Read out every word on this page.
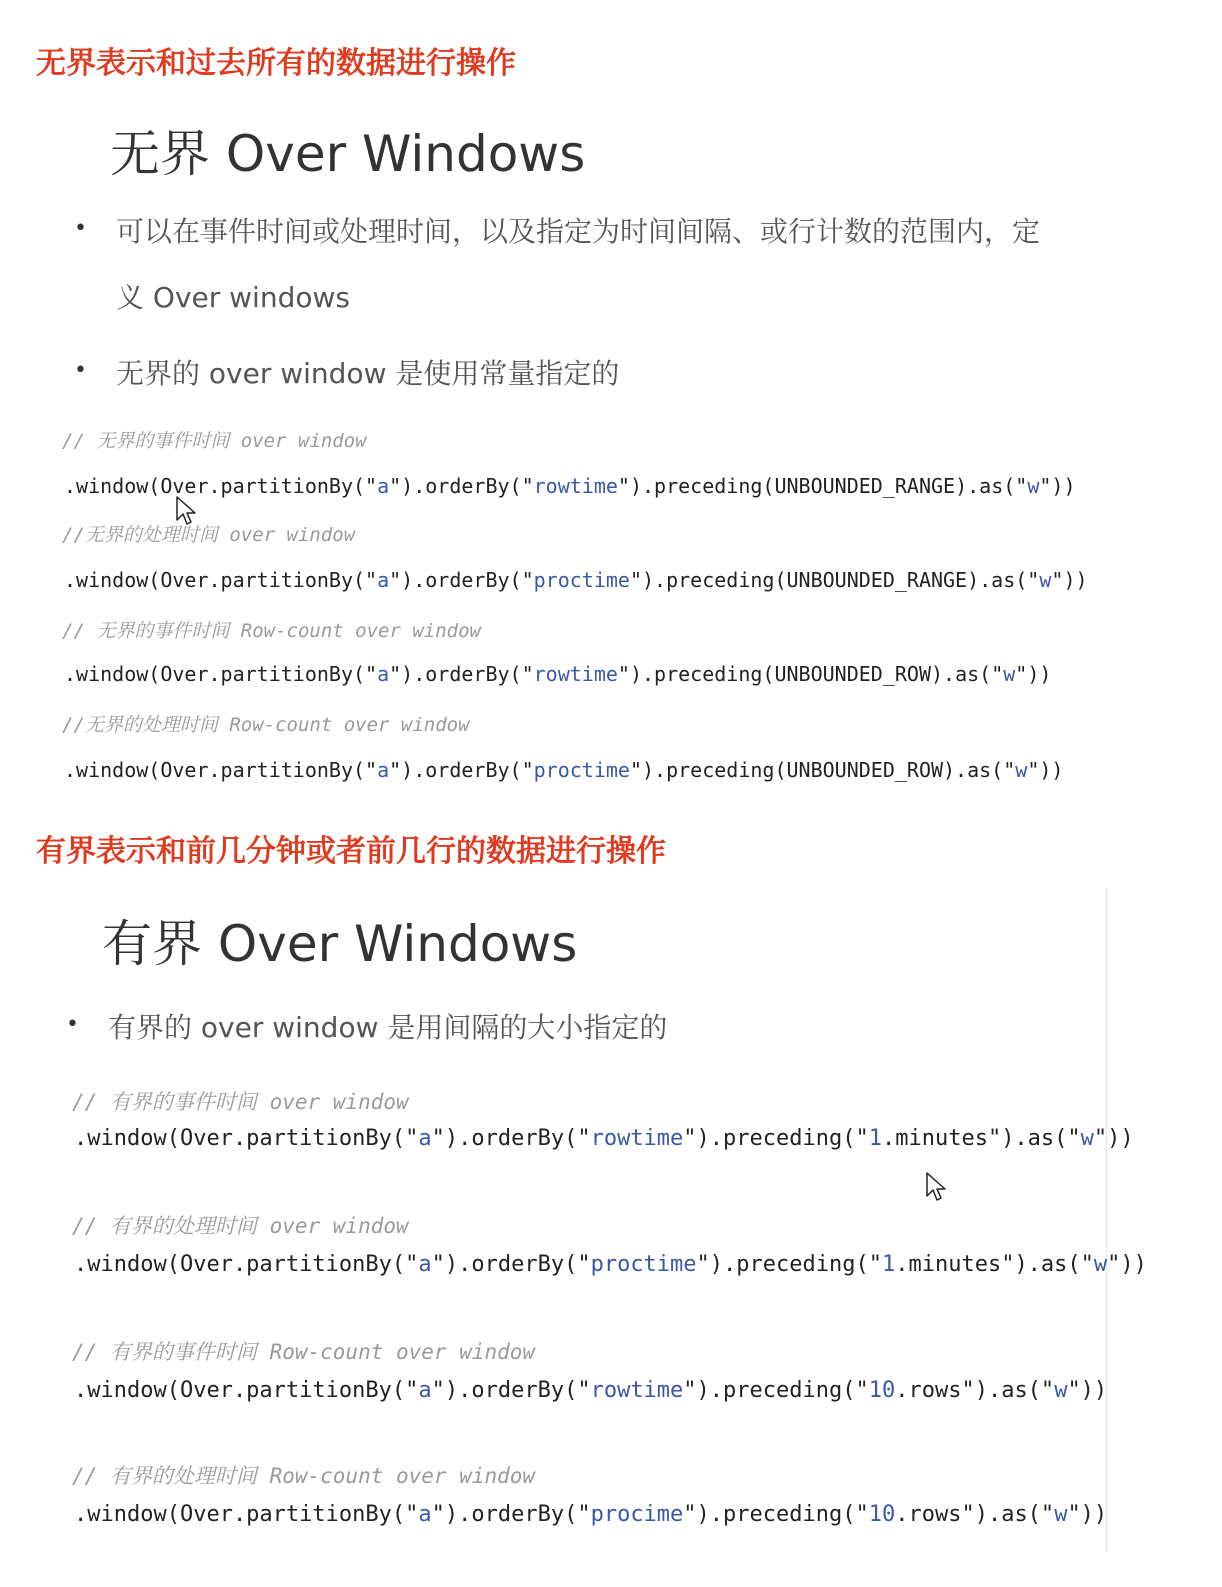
无界表示和过去所有的数据进行操作
无界 Over Windows
• 可以在事件时间或处理时间，以及指定为时间间隔、或行计数的范围内，定
义 Over windows
• 无界的 over window 是使用常量指定的
// 无界的事件时间 over window
.window(Over.partitionBy("a").orderBy("rowtime").preceding(UNBOUNDED_RANGE).as("w"))
//无界的处理时间 over window
.window(Over.partitionBy("a").orderBy("proctime").preceding(UNBOUNDED_RANGE).as("w"))
// 无界的事件时间 Row-count over window
.window(Over.partitionBy("a").orderBy("rowtime").preceding(UNBOUNDED_ROW).as("w"))
//无界的处理时间 Row-count over window
.window(Over.partitionBy("a").orderBy("proctime").preceding(UNBOUNDED_ROW).as("w"))
有界表示和前几分钟或者前几行的数据进行操作
有界 Over Windows
• 有界的 over window 是用间隔的大小指定的
// 有界的事件时间 over window
.window(Over.partitionBy("a").orderBy("rowtime").preceding("1.minutes").as("w"))
// 有界的处理时间 over window
.window(Over.partitionBy("a").orderBy("proctime").preceding("1.minutes").as("w"))
// 有界的事件时间 Row-count over window
.window(Over.partitionBy("a").orderBy("rowtime").preceding("10.rows").as("w"))
// 有界的处理时间 Row-count over window
.window(Over.partitionBy("a").orderBy("procime").preceding("10.rows").as("w"))
